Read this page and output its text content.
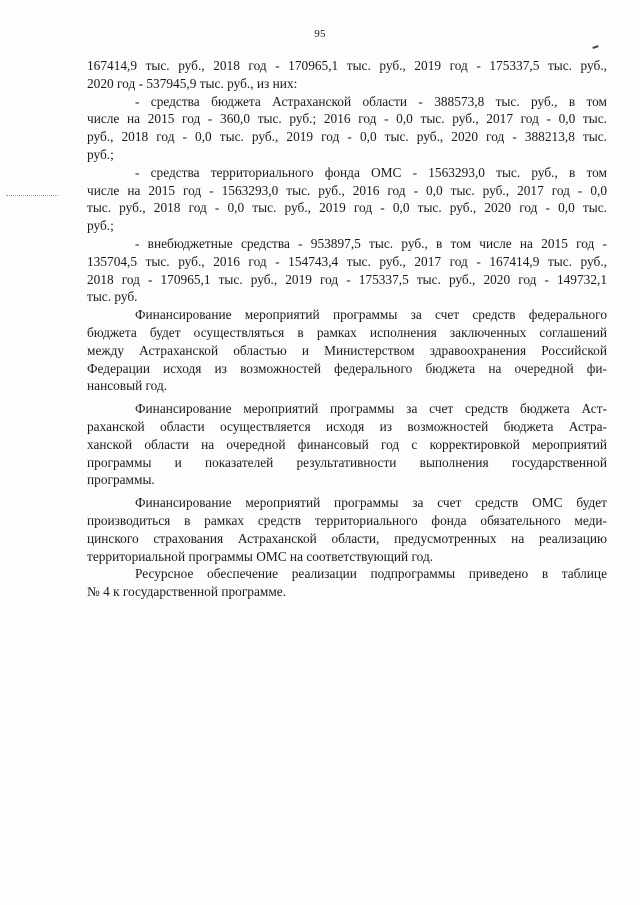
95
167414,9 тыс. руб., 2018 год - 170965,1 тыс. руб., 2019 год - 175337,5 тыс. руб.,
2020 год - 537945,9 тыс. руб., из них:
- средства бюджета Астраханской области - 388573,8 тыс. руб., в том
числе на 2015 год - 360,0 тыс. руб.; 2016 год - 0,0 тыс. руб., 2017 год - 0,0 тыс.
руб., 2018 год - 0,0 тыс. руб., 2019 год - 0,0 тыс. руб., 2020 год - 388213,8 тыс.
руб.;
- средства территориального фонда ОМС - 1563293,0 тыс. руб., в том
числе на 2015 год - 1563293,0 тыс. руб., 2016 год - 0,0 тыс. руб., 2017 год - 0,0
тыс. руб., 2018 год - 0,0 тыс. руб., 2019 год - 0,0 тыс. руб., 2020 год - 0,0 тыс.
руб.;
- внебюджетные средства - 953897,5 тыс. руб., в том числе на 2015 год -
135704,5 тыс. руб., 2016 год - 154743,4 тыс. руб., 2017 год - 167414,9 тыс. руб.,
2018 год - 170965,1 тыс. руб., 2019 год - 175337,5 тыс. руб., 2020 год - 149732,1
тыс. руб.
Финансирование мероприятий программы за счет средств федерального
бюджета будет осуществляться в рамках исполнения заключенных соглашений
между Астраханской областью и Министерством здравоохранения Российской
Федерации исходя из возможностей федерального бюджета на очередной фи-
нансовый год.
Финансирование мероприятий программы за счет средств бюджета Аст-
раханской области осуществляется исходя из возможностей бюджета Астра-
ханской области на очередной финансовый год с корректировкой мероприятий
программы и показателей результативности выполнения государственной
программы.
Финансирование мероприятий программы за счет средств ОМС будет
производиться в рамках средств территориального фонда обязательного меди-
цинского страхования Астраханской области, предусмотренных на реализацию
территориальной программы ОМС на соответствующий год.
Ресурсное обеспечение реализации подпрограммы приведено в таблице
№ 4 к государственной программе.
